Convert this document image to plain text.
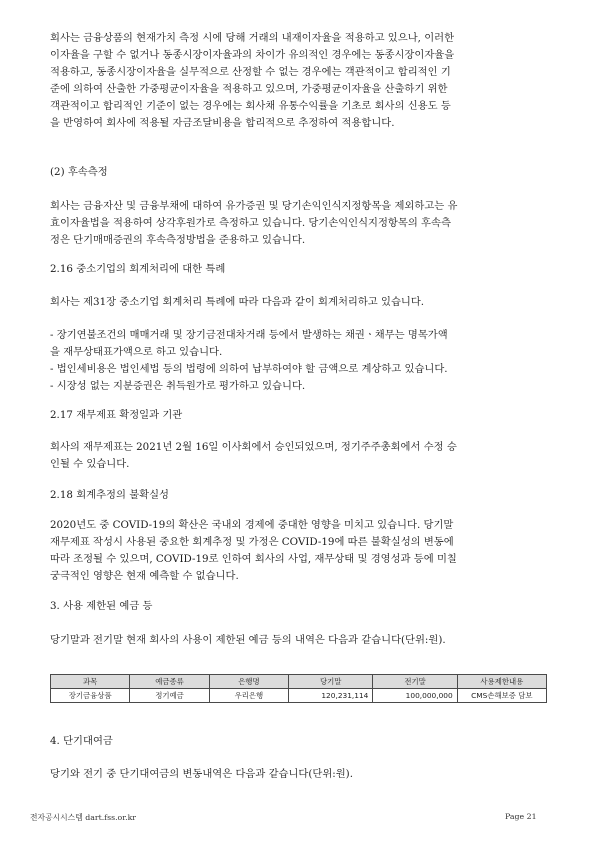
회사는 금융상품의 현재가치 측정 시에 당해 거래의 내재이자율을 적용하고 있으나, 이러한
이자율을 구할 수 없거나 동종시장이자율과의 차이가 유의적인 경우에는 동종시장이자율을
적용하고, 동종시장이자율을 실무적으로 산정할 수 없는 경우에는 객관적이고 합리적인 기
준에 의하여 산출한 가중평균이자율을 적용하고 있으며, 가중평균이자율을 산출하기 위한
객관적이고 합리적인 기준이 없는 경우에는 회사채 유통수익률을 기초로 회사의 신용도 등
을 반영하여 회사에 적용될 자금조달비용을 합리적으로 추정하여 적용합니다.

(2) 후속측정

회사는 금융자산 및 금융부채에 대하여 유가증권 및 당기손익인식지정항목을 제외하고는 유
효이자율법을 적용하여 상각후원가로 측정하고 있습니다. 당기손익인식지정항목의 후속측
정은 단기매매증권의 후속측정방법을 준용하고 있습니다.

2.16 중소기업의 회계처리에 대한 특례

회사는 제31장 중소기업 회계처리 특례에 따라 다음과 같이 회계처리하고 있습니다.

- 장기연불조건의 매매거래 및 장기금전대차거래 등에서 발생하는 채권ㆍ채무는 명목가액
을 재무상태표가액으로 하고 있습니다.
- 법인세비용은 법인세법 등의 법령에 의하여 납부하여야 할 금액으로 계상하고 있습니다.
- 시장성 없는 지분증권은 취득원가로 평가하고 있습니다.

2.17 재무제표 확정일과 기관

회사의 재무제표는 2021년 2월 16일 이사회에서 승인되었으며, 정기주주총회에서 수정 승
인될 수 있습니다.

2.18 회계추정의 불확실성

2020년도 중 COVID-19의 확산은 국내외 경제에 중대한 영향을 미치고 있습니다. 당기말
재무제표 작성시 사용된 중요한 회계추정 및 가정은 COVID-19에 따른 불확실성의 변동에
따라 조정될 수 있으며, COVID-19로 인하여 회사의 사업, 재무상태 및 경영성과 등에 미칠
궁극적인 영향은 현재 예측할 수 없습니다.

3. 사용 제한된 예금 등

당기말과 전기말 현재 회사의 사용이 제한된 예금 등의 내역은 다음과 같습니다(단위:원).

과목	예금종류	은행명	당기말	전기말	사용제한내용
장기금융상품	정기예금	우리은행	120,231,114	100,000,000	CMS손해보증 담보

4. 단기대여금

당기와 전기 중 단기대여금의 변동내역은 다음과 같습니다(단위:원).

전자공시시스템 dart.fss.or.kr	Page 21
